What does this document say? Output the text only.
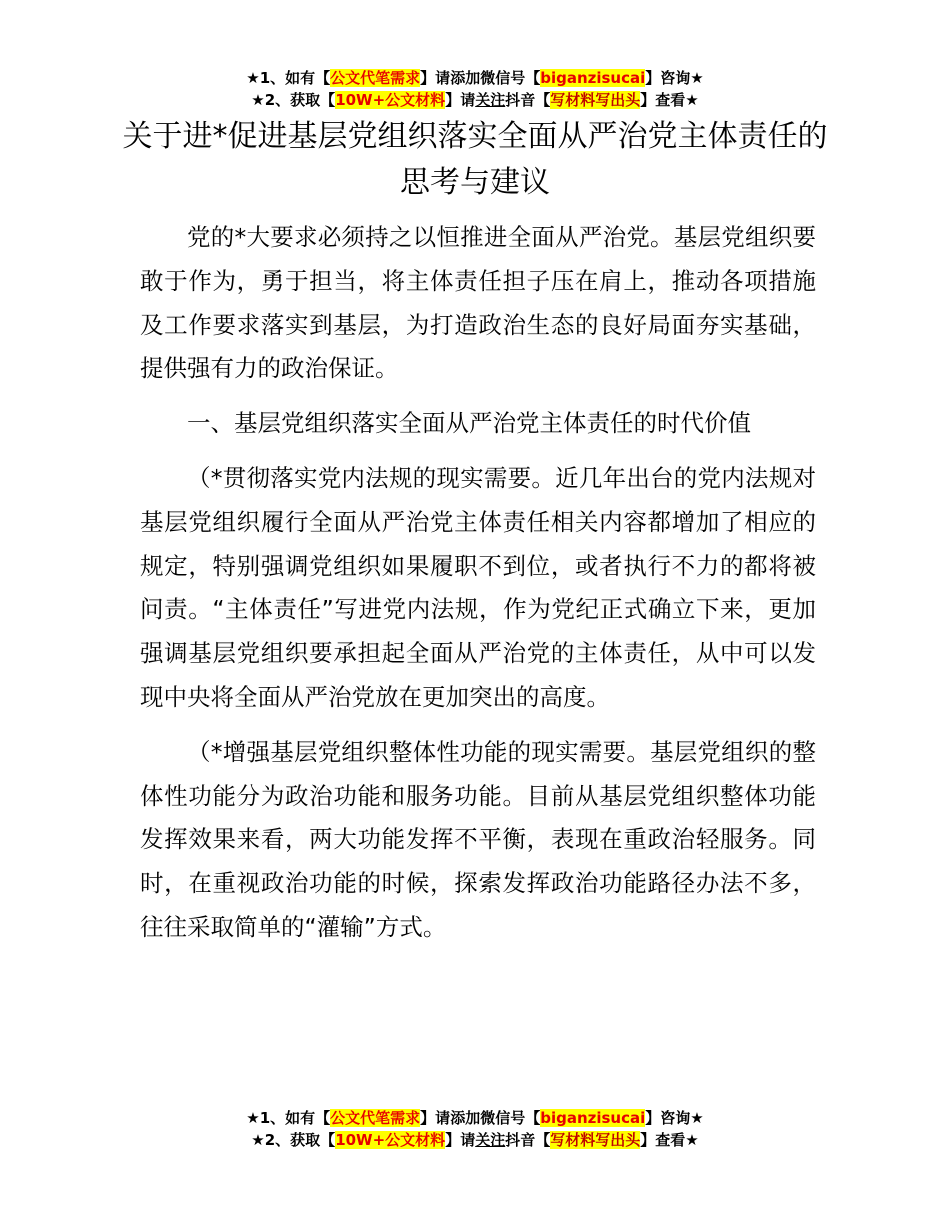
★1、如有【公文代笔需求】请添加微信号【biganzisucai】咨询★
★2、获取【10W+公文材料】请关注抖音【写材料写出头】查看★
关于进*促进基层党组织落实全面从严治党主体责任的思考与建议

党的*大要求必须持之以恒推进全面从严治党。基层党组织要敢于作为，勇于担当，将主体责任担子压在肩上，推动各项措施及工作要求落实到基层，为打造政治生态的良好局面夯实基础，提供强有力的政治保证。

一、基层党组织落实全面从严治党主体责任的时代价值

（*贯彻落实党内法规的现实需要。近几年出台的党内法规对基层党组织履行全面从严治党主体责任相关内容都增加了相应的规定，特别强调党组织如果履职不到位，或者执行不力的都将被问责。“主体责任”写进党内法规，作为党纪正式确立下来，更加强调基层党组织要承担起全面从严治党的主体责任，从中可以发现中央将全面从严治党放在更加突出的高度。

（*增强基层党组织整体性功能的现实需要。基层党组织的整体性功能分为政治功能和服务功能。目前从基层党组织整体功能发挥效果来看，两大功能发挥不平衡，表现在重政治轻服务。同时，在重视政治功能的时候，探索发挥政治功能路径办法不多，往往采取简单的“灌输”方式。

★1、如有【公文代笔需求】请添加微信号【biganzisucai】咨询★
★2、获取【10W+公文材料】请关注抖音【写材料写出头】查看★
